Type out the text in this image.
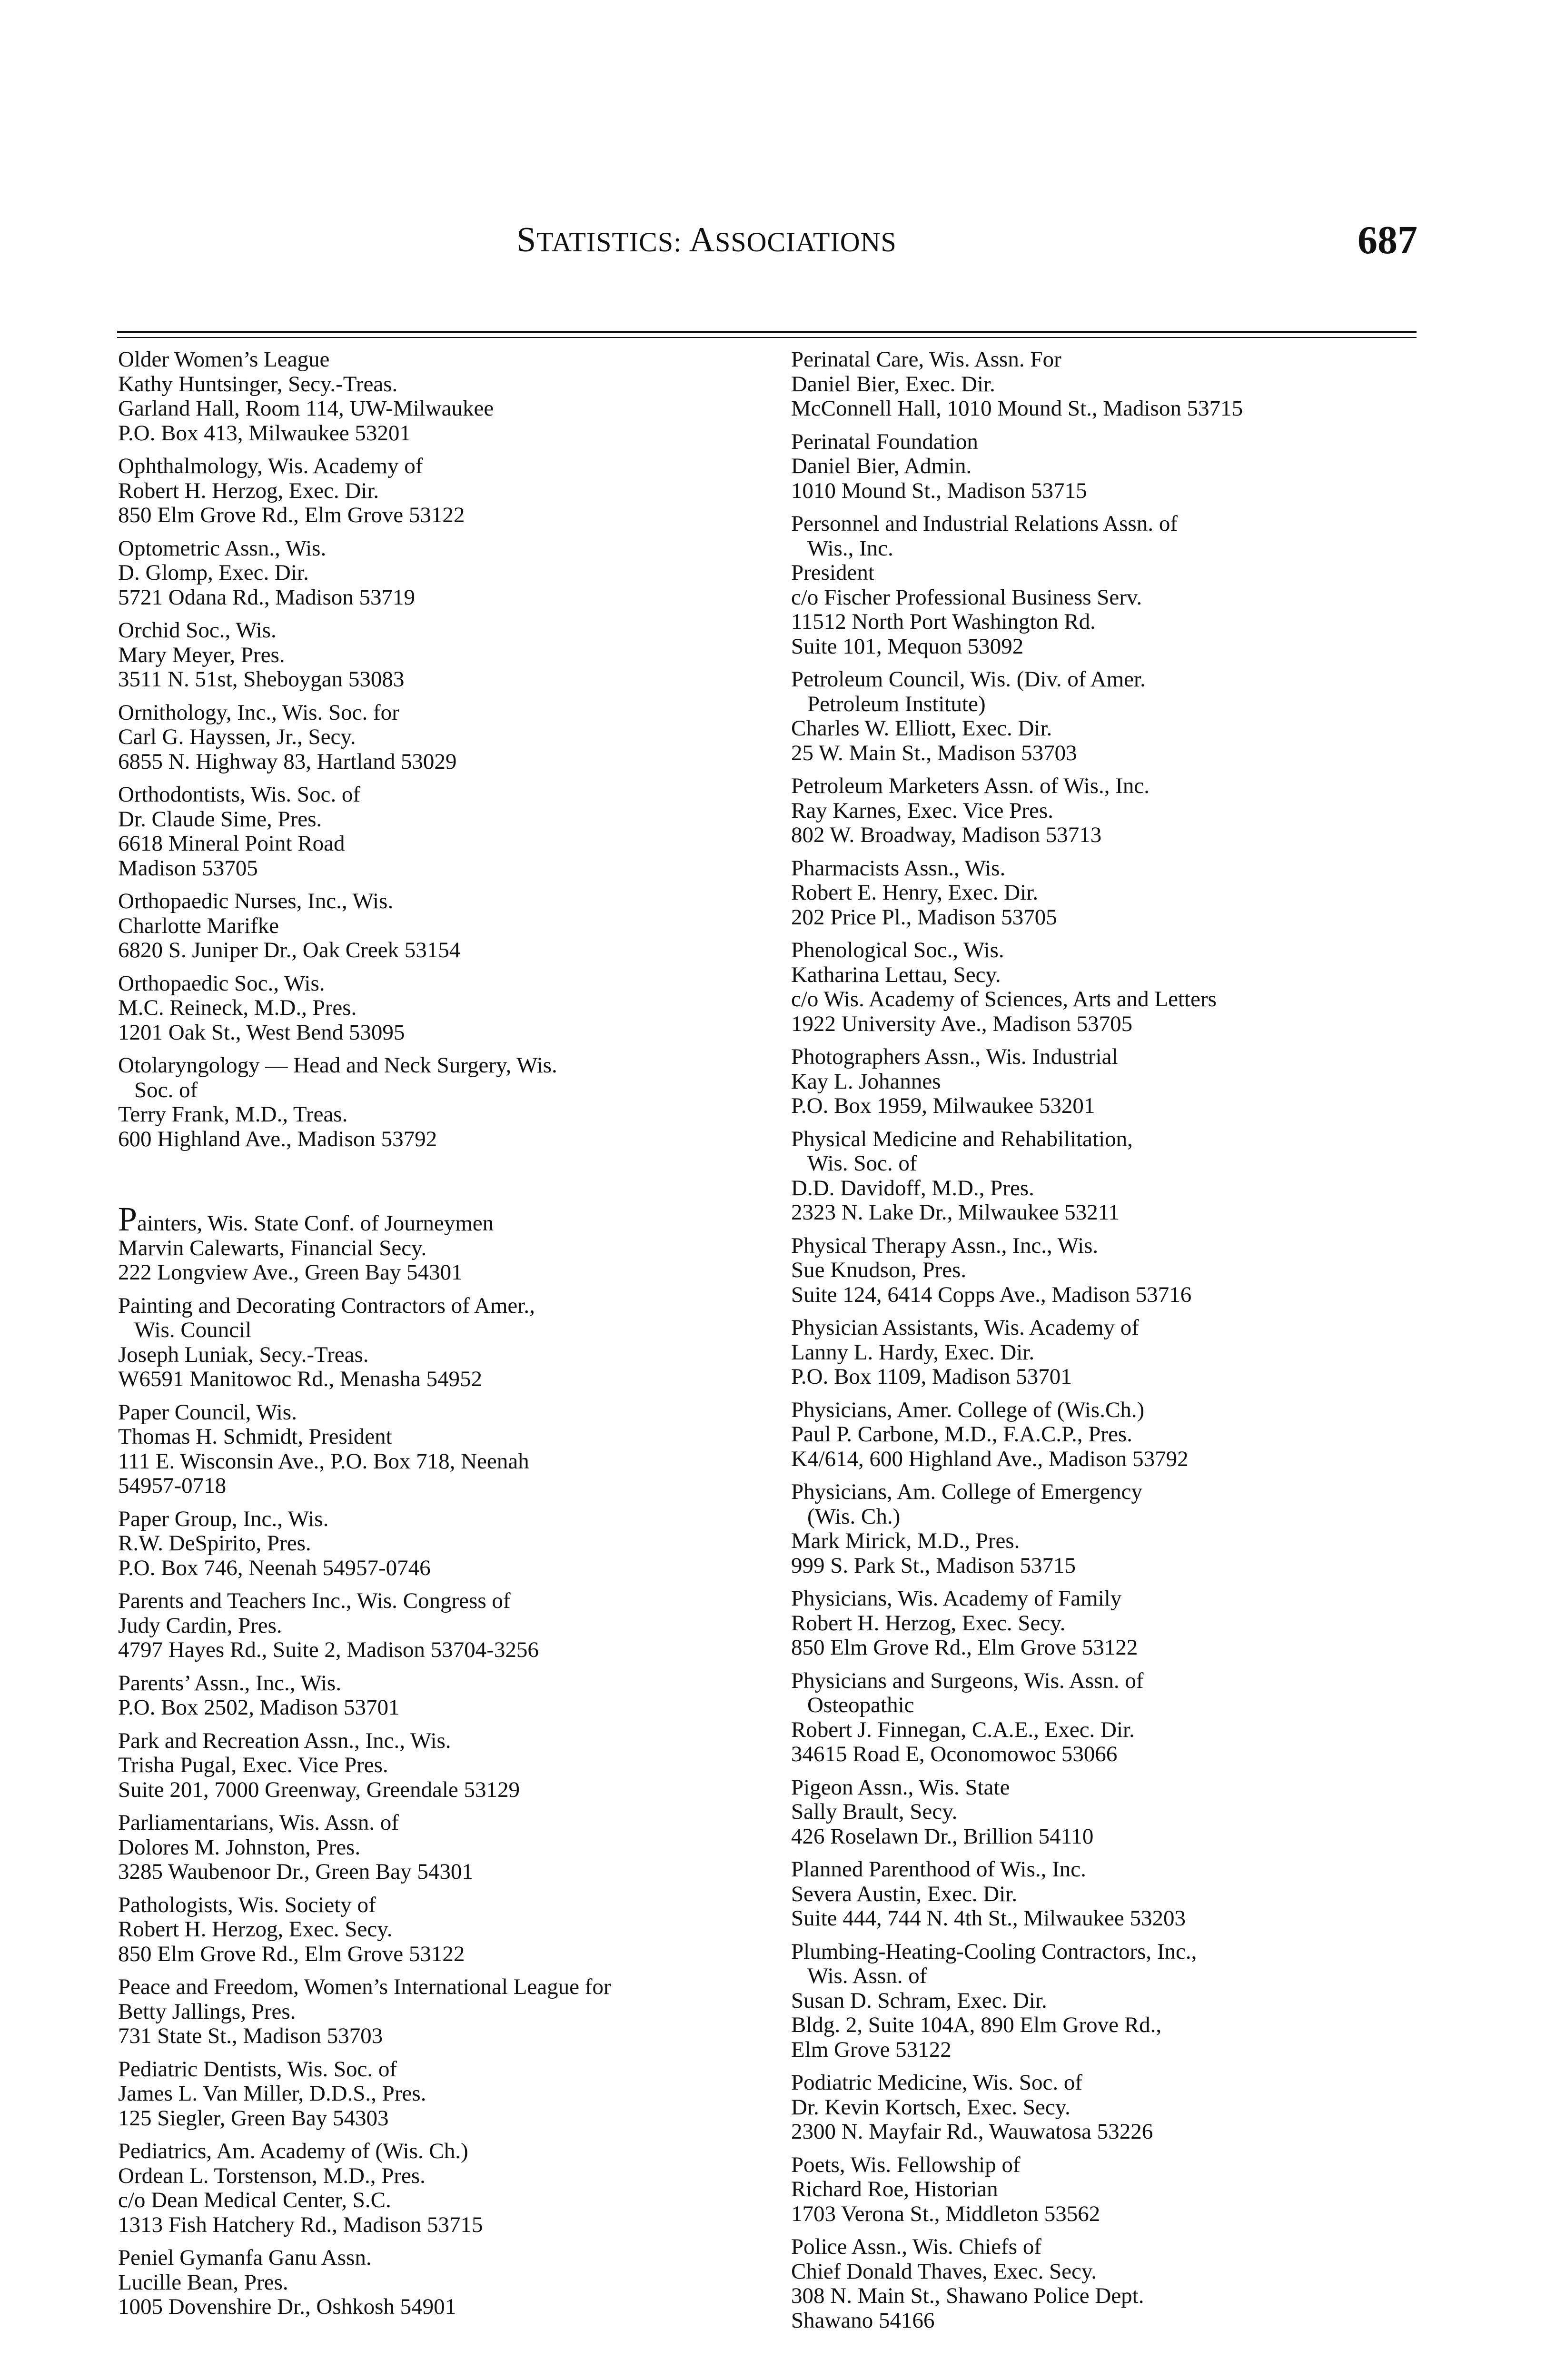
STATISTICS: ASSOCIATIONS	687
Older Women’s League
Kathy Huntsinger, Secy.-Treas.
Garland Hall, Room 114, UW-Milwaukee
P.O. Box 413, Milwaukee 53201
Ophthalmology, Wis. Academy of
Robert H. Herzog, Exec. Dir.
850 Elm Grove Rd., Elm Grove 53122
Optometric Assn., Wis.
D. Glomp, Exec. Dir.
5721 Odana Rd., Madison 53719
Orchid Soc., Wis.
Mary Meyer, Pres.
3511 N. 51st, Sheboygan 53083
Ornithology, Inc., Wis. Soc. for
Carl G. Hayssen, Jr., Secy.
6855 N. Highway 83, Hartland 53029
Orthodontists, Wis. Soc. of
Dr. Claude Sime, Pres.
6618 Mineral Point Road
Madison 53705
Orthopaedic Nurses, Inc., Wis.
Charlotte Marifke
6820 S. Juniper Dr., Oak Creek 53154
Orthopaedic Soc., Wis.
M.C. Reineck, M.D., Pres.
1201 Oak St., West Bend 53095
Otolaryngology — Head and Neck Surgery, Wis.
Soc. of
Terry Frank, M.D., Treas.
600 Highland Ave., Madison 53792
Painters, Wis. State Conf. of Journeymen
Marvin Calewarts, Financial Secy.
222 Longview Ave., Green Bay 54301
Painting and Decorating Contractors of Amer.,
Wis. Council
Joseph Luniak, Secy.-Treas.
W6591 Manitowoc Rd., Menasha 54952
Paper Council, Wis.
Thomas H. Schmidt, President
111 E. Wisconsin Ave., P.O. Box 718, Neenah
54957-0718
Paper Group, Inc., Wis.
R.W. DeSpirito, Pres.
P.O. Box 746, Neenah 54957-0746
Parents and Teachers Inc., Wis. Congress of
Judy Cardin, Pres.
4797 Hayes Rd., Suite 2, Madison 53704-3256
Parents’ Assn., Inc., Wis.
P.O. Box 2502, Madison 53701
Park and Recreation Assn., Inc., Wis.
Trisha Pugal, Exec. Vice Pres.
Suite 201, 7000 Greenway, Greendale 53129
Parliamentarians, Wis. Assn. of
Dolores M. Johnston, Pres.
3285 Waubenoor Dr., Green Bay 54301
Pathologists, Wis. Society of
Robert H. Herzog, Exec. Secy.
850 Elm Grove Rd., Elm Grove 53122
Peace and Freedom, Women’s International League for
Betty Jallings, Pres.
731 State St., Madison 53703
Pediatric Dentists, Wis. Soc. of
James L. Van Miller, D.D.S., Pres.
125 Siegler, Green Bay 54303
Pediatrics, Am. Academy of (Wis. Ch.)
Ordean L. Torstenson, M.D., Pres.
c/o Dean Medical Center, S.C.
1313 Fish Hatchery Rd., Madison 53715
Peniel Gymanfa Ganu Assn.
Lucille Bean, Pres.
1005 Dovenshire Dr., Oshkosh 54901
Perinatal Care, Wis. Assn. For
Daniel Bier, Exec. Dir.
McConnell Hall, 1010 Mound St., Madison 53715
Perinatal Foundation
Daniel Bier, Admin.
1010 Mound St., Madison 53715
Personnel and Industrial Relations Assn. of
Wis., Inc.
President
c/o Fischer Professional Business Serv.
11512 North Port Washington Rd.
Suite 101, Mequon 53092
Petroleum Council, Wis. (Div. of Amer.
Petroleum Institute)
Charles W. Elliott, Exec. Dir.
25 W. Main St., Madison 53703
Petroleum Marketers Assn. of Wis., Inc.
Ray Karnes, Exec. Vice Pres.
802 W. Broadway, Madison 53713
Pharmacists Assn., Wis.
Robert E. Henry, Exec. Dir.
202 Price Pl., Madison 53705
Phenological Soc., Wis.
Katharina Lettau, Secy.
c/o Wis. Academy of Sciences, Arts and Letters
1922 University Ave., Madison 53705
Photographers Assn., Wis. Industrial
Kay L. Johannes
P.O. Box 1959, Milwaukee 53201
Physical Medicine and Rehabilitation,
Wis. Soc. of
D.D. Davidoff, M.D., Pres.
2323 N. Lake Dr., Milwaukee 53211
Physical Therapy Assn., Inc., Wis.
Sue Knudson, Pres.
Suite 124, 6414 Copps Ave., Madison 53716
Physician Assistants, Wis. Academy of
Lanny L. Hardy, Exec. Dir.
P.O. Box 1109, Madison 53701
Physicians, Amer. College of (Wis.Ch.)
Paul P. Carbone, M.D., F.A.C.P., Pres.
K4/614, 600 Highland Ave., Madison 53792
Physicians, Am. College of Emergency
(Wis. Ch.)
Mark Mirick, M.D., Pres.
999 S. Park St., Madison 53715
Physicians, Wis. Academy of Family
Robert H. Herzog, Exec. Secy.
850 Elm Grove Rd., Elm Grove 53122
Physicians and Surgeons, Wis. Assn. of
Osteopathic
Robert J. Finnegan, C.A.E., Exec. Dir.
34615 Road E, Oconomowoc 53066
Pigeon Assn., Wis. State
Sally Brault, Secy.
426 Roselawn Dr., Brillion 54110
Planned Parenthood of Wis., Inc.
Severa Austin, Exec. Dir.
Suite 444, 744 N. 4th St., Milwaukee 53203
Plumbing-Heating-Cooling Contractors, Inc.,
Wis. Assn. of
Susan D. Schram, Exec. Dir.
Bldg. 2, Suite 104A, 890 Elm Grove Rd.,
Elm Grove 53122
Podiatric Medicine, Wis. Soc. of
Dr. Kevin Kortsch, Exec. Secy.
2300 N. Mayfair Rd., Wauwatosa 53226
Poets, Wis. Fellowship of
Richard Roe, Historian
1703 Verona St., Middleton 53562
Police Assn., Wis. Chiefs of
Chief Donald Thaves, Exec. Secy.
308 N. Main St., Shawano Police Dept.
Shawano 54166
